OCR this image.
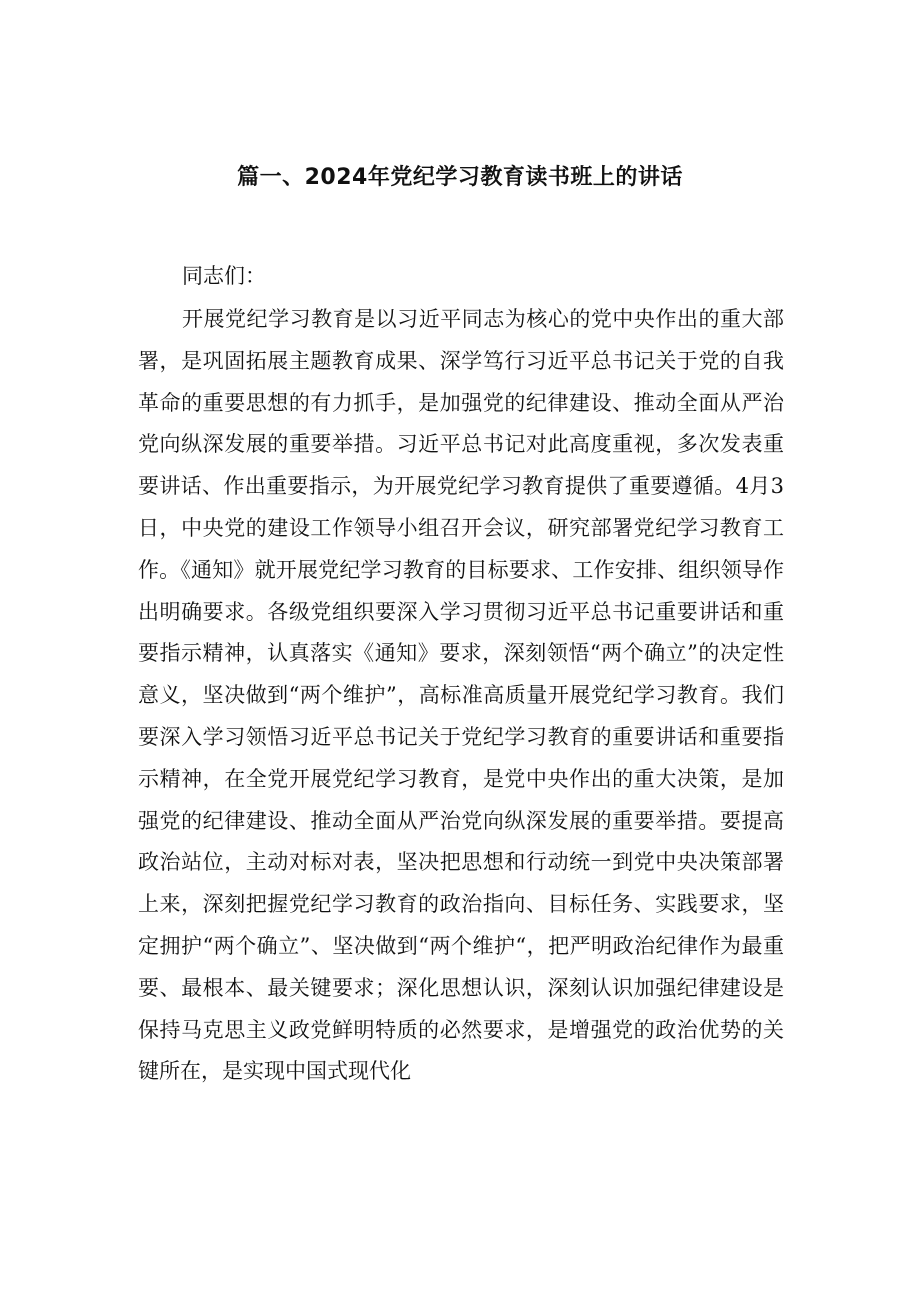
篇一、2024年党纪学习教育读书班上的讲话

同志们：

开展党纪学习教育是以习近平同志为核心的党中央作出的重大部署，是巩固拓展主题教育成果、深学笃行习近平总书记关于党的自我革命的重要思想的有力抓手，是加强党的纪律建设、推动全面从严治党向纵深发展的重要举措。习近平总书记对此高度重视，多次发表重要讲话、作出重要指示，为开展党纪学习教育提供了重要遵循。4月3日，中央党的建设工作领导小组召开会议，研究部署党纪学习教育工作。《通知》就开展党纪学习教育的目标要求、工作安排、组织领导作出明确要求。各级党组织要深入学习贯彻习近平总书记重要讲话和重要指示精神，认真落实《通知》要求，深刻领悟“两个确立”的决定性意义，坚决做到“两个维护”，高标准高质量开展党纪学习教育。我们要深入学习领悟习近平总书记关于党纪学习教育的重要讲话和重要指示精神，在全党开展党纪学习教育，是党中央作出的重大决策，是加强党的纪律建设、推动全面从严治党向纵深发展的重要举措。要提高政治站位，主动对标对表，坚决把思想和行动统一到党中央决策部署上来，深刻把握党纪学习教育的政治指向、目标任务、实践要求，坚定拥护“两个确立”、坚决做到“两个维护“，把严明政治纪律作为最重要、最根本、最关键要求；深化思想认识，深刻认识加强纪律建设是保持马克思主义政党鲜明特质的必然要求，是增强党的政治优势的关键所在，是实现中国式现代化
